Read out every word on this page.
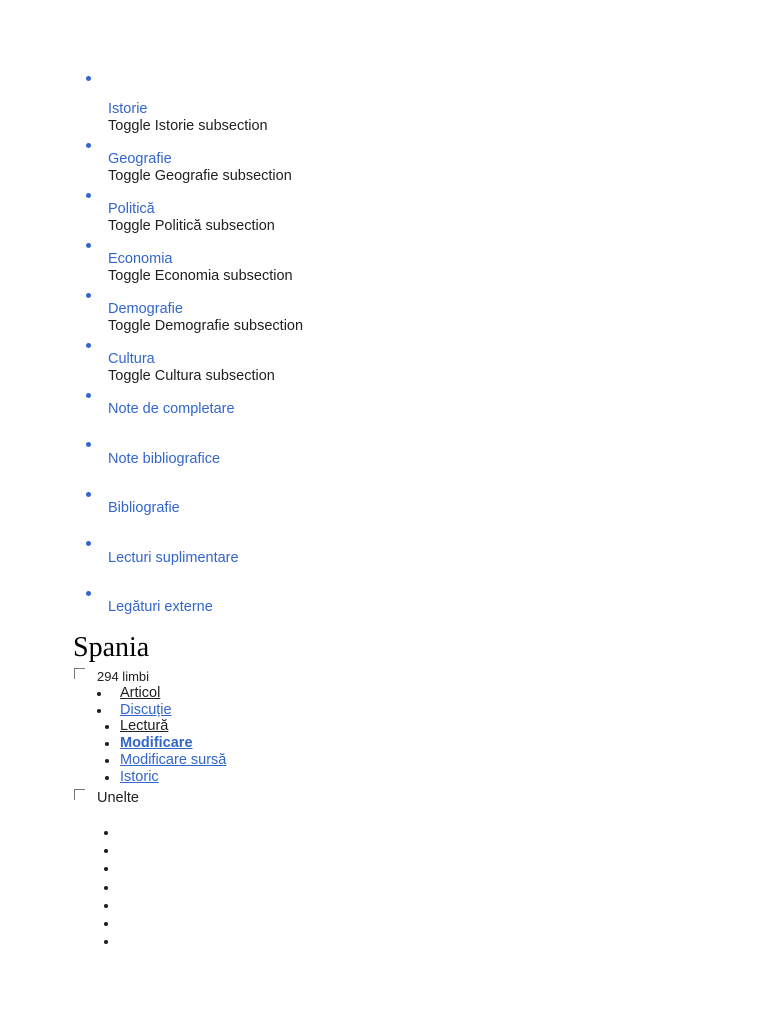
Istorie
Toggle Istorie subsection
Geografie
Toggle Geografie subsection
Politică
Toggle Politică subsection
Economia
Toggle Economia subsection
Demografie
Toggle Demografie subsection
Cultura
Toggle Cultura subsection
Note de completare
Note bibliografice
Bibliografie
Lecturi suplimentare
Legături externe
Spania
294 limbi
Articol
Discuție
Lectură
Modificare
Modificare sursă
Istoric
Unelte
